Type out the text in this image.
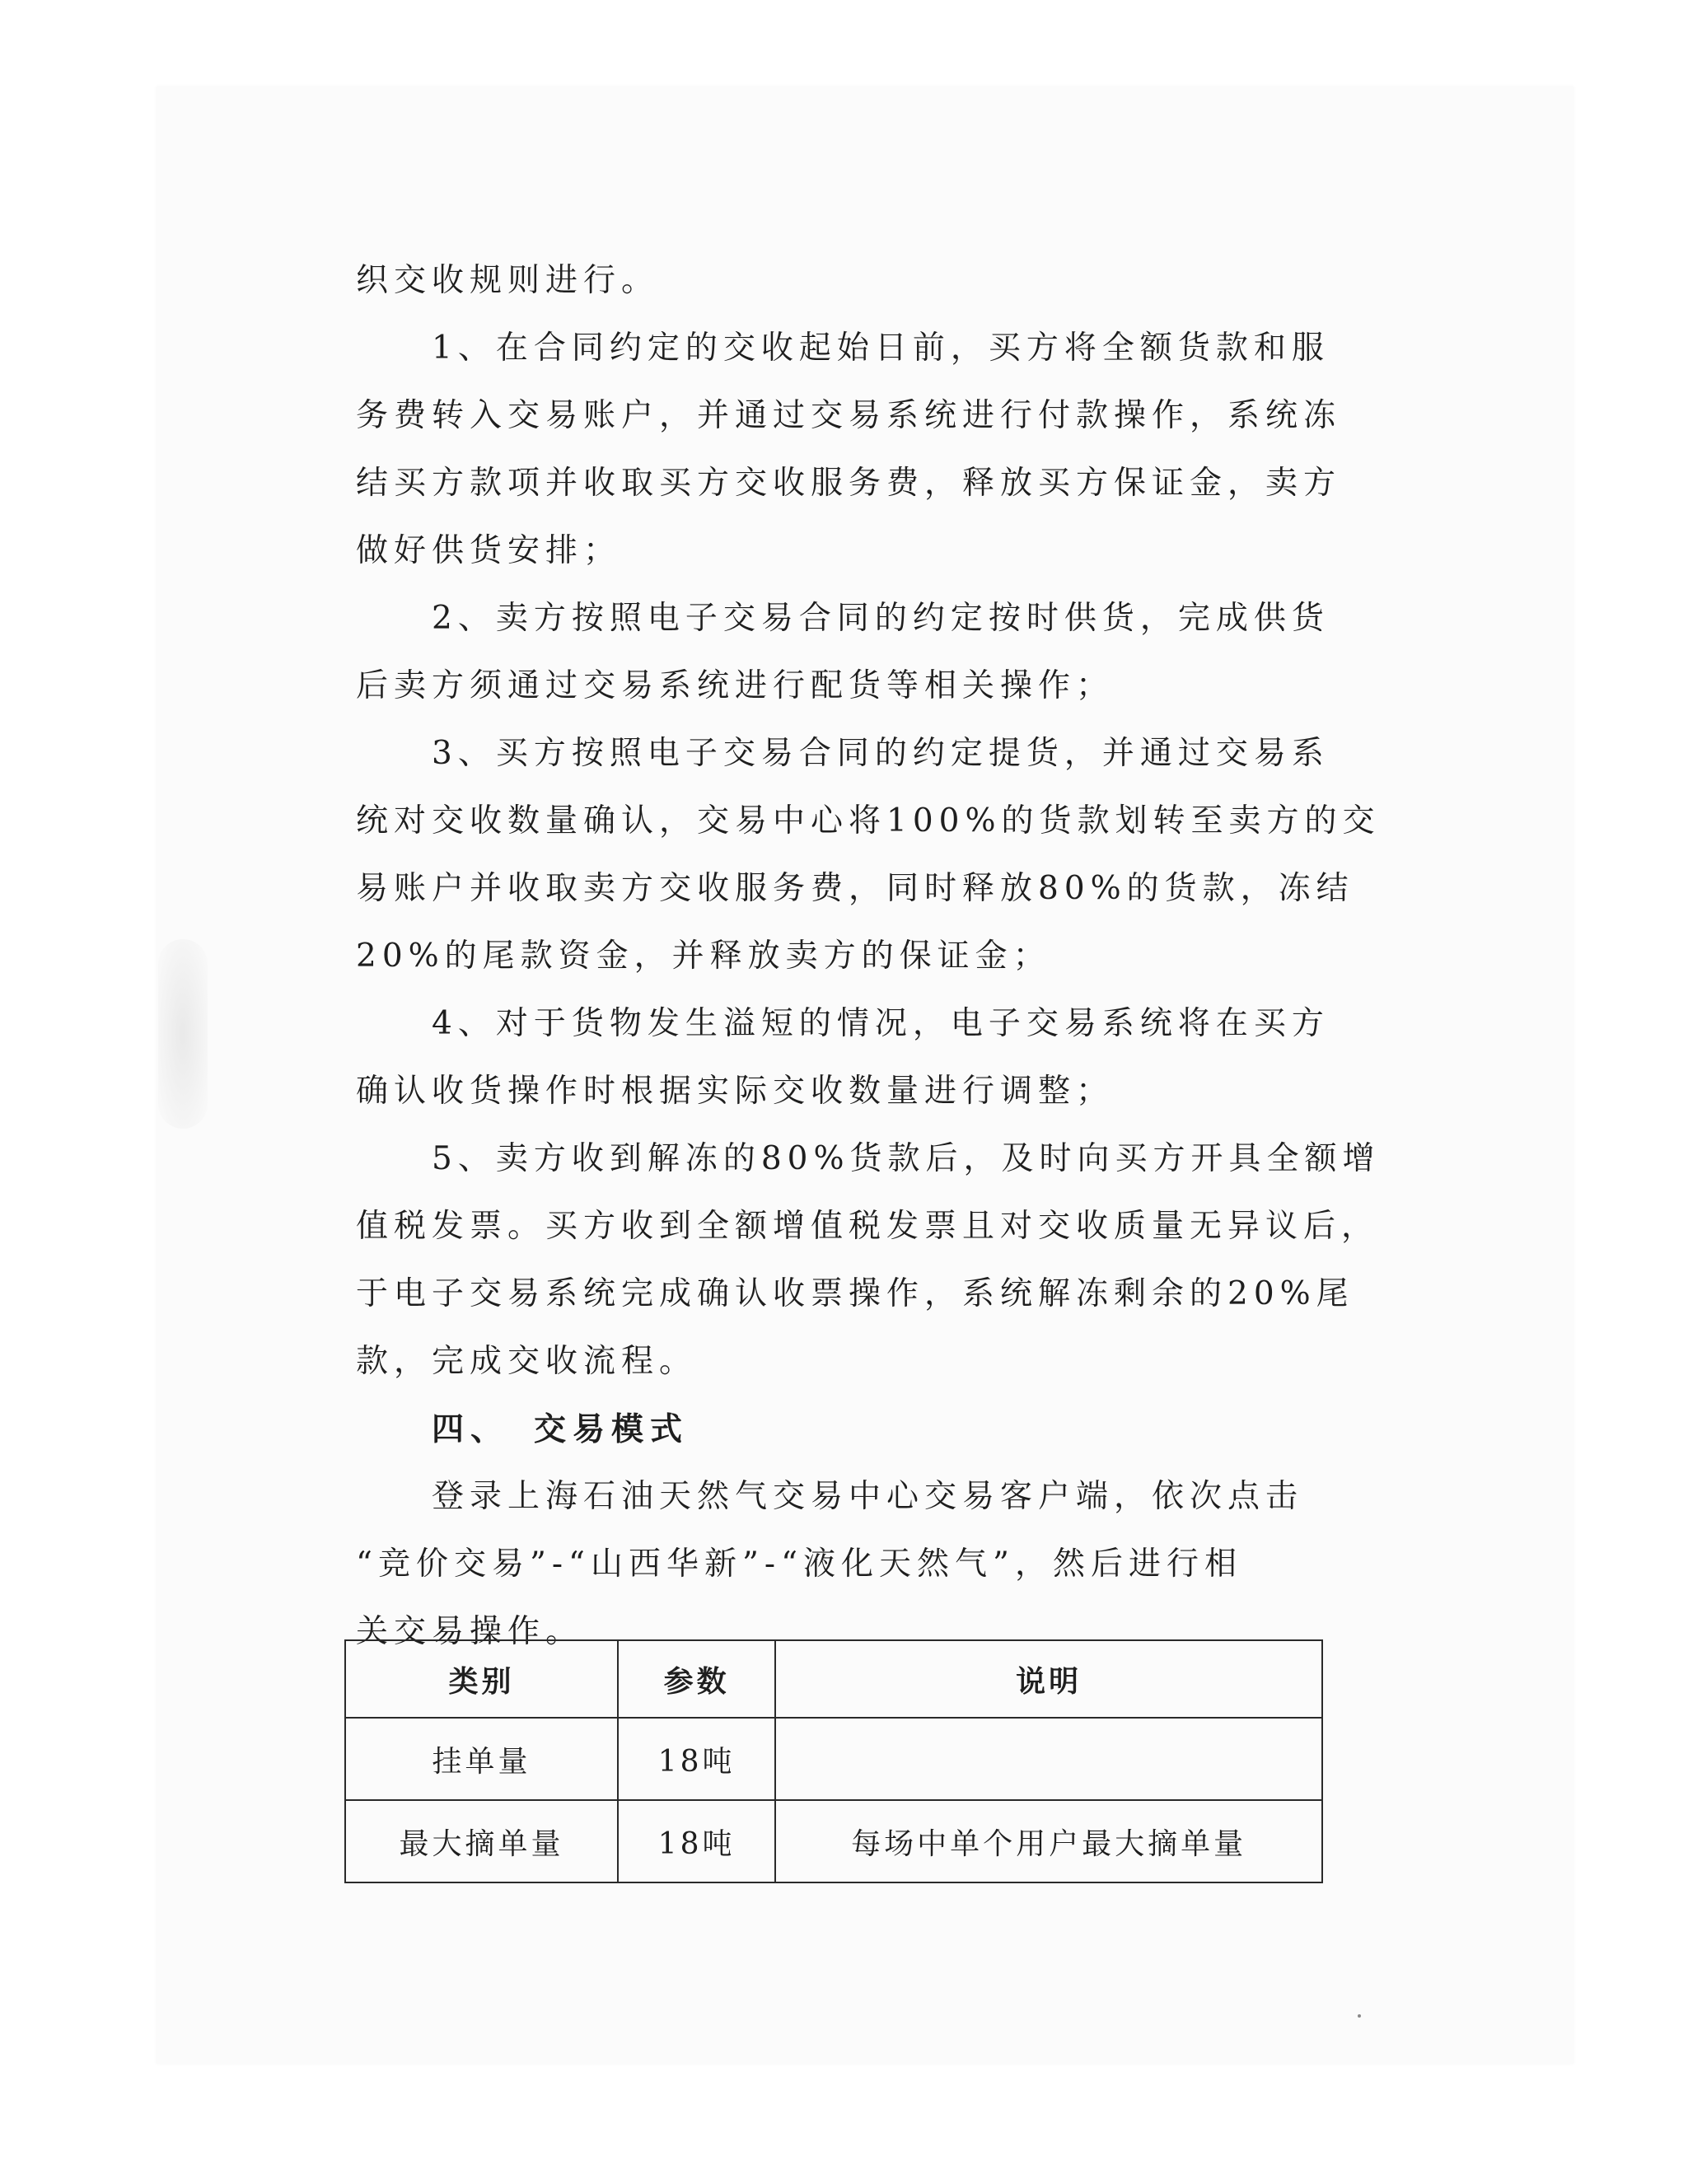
织交收规则进行。
1、在合同约定的交收起始日前，买方将全额货款和服
务费转入交易账户，并通过交易系统进行付款操作，系统冻
结买方款项并收取买方交收服务费，释放买方保证金，卖方
做好供货安排；
2、卖方按照电子交易合同的约定按时供货，完成供货
后卖方须通过交易系统进行配货等相关操作；
3、买方按照电子交易合同的约定提货，并通过交易系
统对交收数量确认，交易中心将100%的货款划转至卖方的交
易账户并收取卖方交收服务费，同时释放80%的货款，冻结
20%的尾款资金，并释放卖方的保证金；
4、对于货物发生溢短的情况，电子交易系统将在买方
确认收货操作时根据实际交收数量进行调整；
5、卖方收到解冻的80%货款后，及时向买方开具全额增
值税发票。买方收到全额增值税发票且对交收质量无异议后，
于电子交易系统完成确认收票操作，系统解冻剩余的20%尾
款，完成交收流程。
四、 交易模式
登录上海石油天然气交易中心交易客户端，依次点击
“竞价交易”-“山西华新”-“液化天然气”，然后进行相
关交易操作。
类别	参数	说明
挂单量	18吨	
最大摘单量	18吨	每场中单个用户最大摘单量
